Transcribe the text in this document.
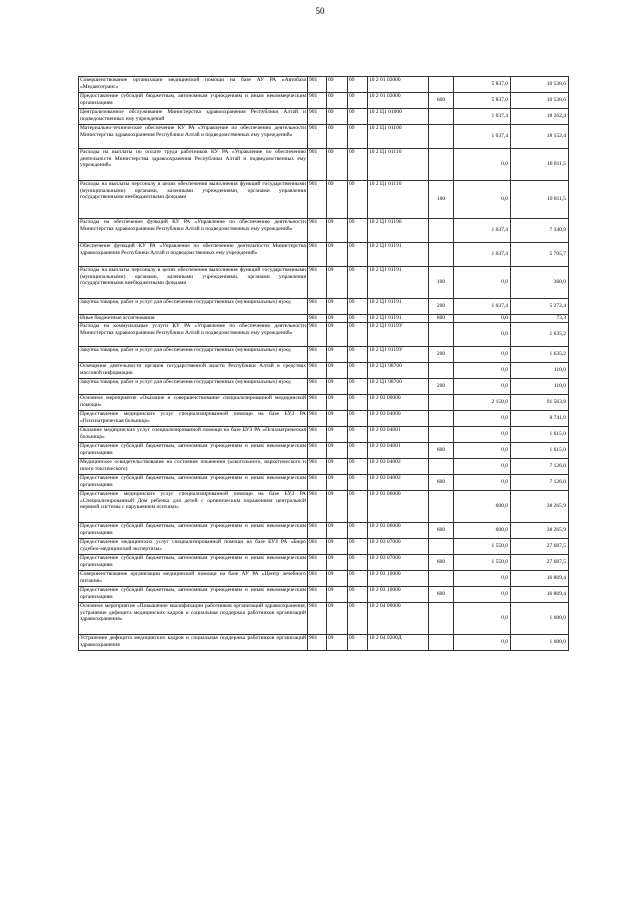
50
Совершенствование организации медицинской помощи на базе АУ РА «Автобаза «Медавтотранс»	901	09	09	10 2 01 02000		5 837,0	10 538,6
Предоставление субсидий бюджетным, автономным учреждениям и иным некоммерческим организациям	901	09	09	10 2 01 02000	600	5 837,0	10 538,6
Централизованное обслуживание Министерства здравоохранения Республики Алтай и подведомственных ему учреждений	901	09	09	10 2 Ц1 01000		1 037,4	18 262,4
Материально-техническое обеспечение КУ РА «Управление по обеспечению деятельности Министерства здравоохранения Республики Алтай и подведомственных ему учреждений»	901	09	09	10 2 Ц1 01100		1 037,4	18 152,4
Расходы на выплаты по оплате труда работников КУ РА «Управление по обеспечению деятельности Министерства здравоохранения Республики Алтай и подведомственных ему учреждений»	901	09	09	10 2 Ц1 01110		0,0	10 811,5
Расходы на выплаты персоналу в целях обеспечения выполнения функций государственными (муниципальными) органами, казенными учреждениями, органами управления государственными внебюджетными фондами	901	09	09	10 2 Ц1 01110	100	0,0	10 811,5
Расходы на обеспечение функций КУ РА «Управление по обеспечению деятельности Министерства здравоохранения Республики Алтай и подведомственных ему учреждений»	901	09	09	10 2 Ц1 01190		1 037,4	7 340,9
Обеспечение функций КУ РА «Управление по обеспечению деятельности Министерства здравоохранения Республики Алтай и подведомственных ему учреждений»	901	09	09	10 2 Ц1 01191		1 037,4	5 705,7
Расходы на выплаты персоналу в целях обеспечения выполнения функций государственными (муниципальными) органами, казенными учреждениями, органами управления государственными внебюджетными фондами	901	09	09	10 2 Ц1 01191	100	0,0	360,0
Закупка товаров, работ и услуг для обеспечения государственных (муниципальных) нужд	901	09	09	10 2 Ц1 01191	200	1 037,4	5 272,4
Иные бюджетные ассигнования	901	09	09	10 2 Ц1 01191	800	0,0	73,3
Расходы на коммунальные услуги КУ РА «Управление по обеспечению деятельности Министерства здравоохранения Республики Алтай и подведомственных ему учреждений»	901	09	09	10 2 Ц1 0119У		0,0	1 635,2
Закупка товаров, работ и услуг для обеспечения государственных (муниципальных) нужд	901	09	09	10 2 Ц1 0119У	200	0,0	1 635,2
Освещение деятельности органов государственной власти Республики Алтай в средствах массовой информации	901	09	09	10 2 Ц1 98700		0,0	110,0
Закупка товаров, работ и услуг для обеспечения государственных (муниципальных) нужд	901	09	09	10 2 Ц1 98700	200	0,0	110,0
Основное мероприятие «Оказание и совершенствование специализированной медицинской помощи»	901	09	09	10 2 03 00000		2 150,0	91 563,8
Предоставление медицинских услуг специализированной помощи на базе БУЗ РА «Психиатрическая больница»	901	09	09	10 2 03 04000		0,0	8 741,0
Оказание медицинских услуг специализированной помощи на базе БУЗ РА «Психиатрическая больница»	901	09	09	10 2 03 04001		0,0	1 615,0
Предоставление субсидий бюджетным, автономным учреждениям и иным некоммерческим организациям	901	09	09	10 2 03 04001	600	0,0	1 615,0
Медицинское освидетельствование на состояние опьянения (алкогольного, наркотического и иного токсического)	901	09	09	10 2 03 04002		0,0	7 126,0
Предоставление субсидий бюджетным, автономным учреждениям и иным некоммерческим организациям	901	09	09	10 2 03 04002	600	0,0	7 126,0
Предоставление медицинских услуг специализированной помощи на базе БУЗ РА «Специализированный Дом ребенка для детей с органическим поражением центральной нервной системы с нарушением психики»	901	09	09	10 2 03 06000		600,0	38 265,9
Предоставление субсидий бюджетным, автономным учреждениям и иным некоммерческим организациям	901	09	09	10 2 03 06000	600	600,0	38 265,9
Предоставление медицинских услуг специализированной помощи на базе БУЗ РА «Бюро судебно-медицинской экспертизы»	901	09	09	10 2 03 07000		1 550,0	27 687,5
Предоставление субсидий бюджетным, автономным учреждениям и иным некоммерческим организациям	901	09	09	10 2 03 07000	600	1 550,0	27 687,5
Совершенствование организации медицинской помощи на базе АУ РА «Центр лечебного питания»	901	09	09	10 2 03 10000		0,0	16 869,4
Предоставление субсидий бюджетным, автономным учреждениям и иным некоммерческим организациям	901	09	09	10 2 03 10000	600	0,0	16 869,4
Основное мероприятие «Повышение квалификации работников организаций здравоохранения, устранение дефицита медицинских кадров и социальная поддержка работников организаций здравоохранения»	901	09	09	10 2 04 00000		0,0	1 000,0
Устранение дефицита медицинских кадров и социальная поддержка работников организаций здравоохранения	901	09	09	10 2 04 0200Д		0,0	1 000,0
